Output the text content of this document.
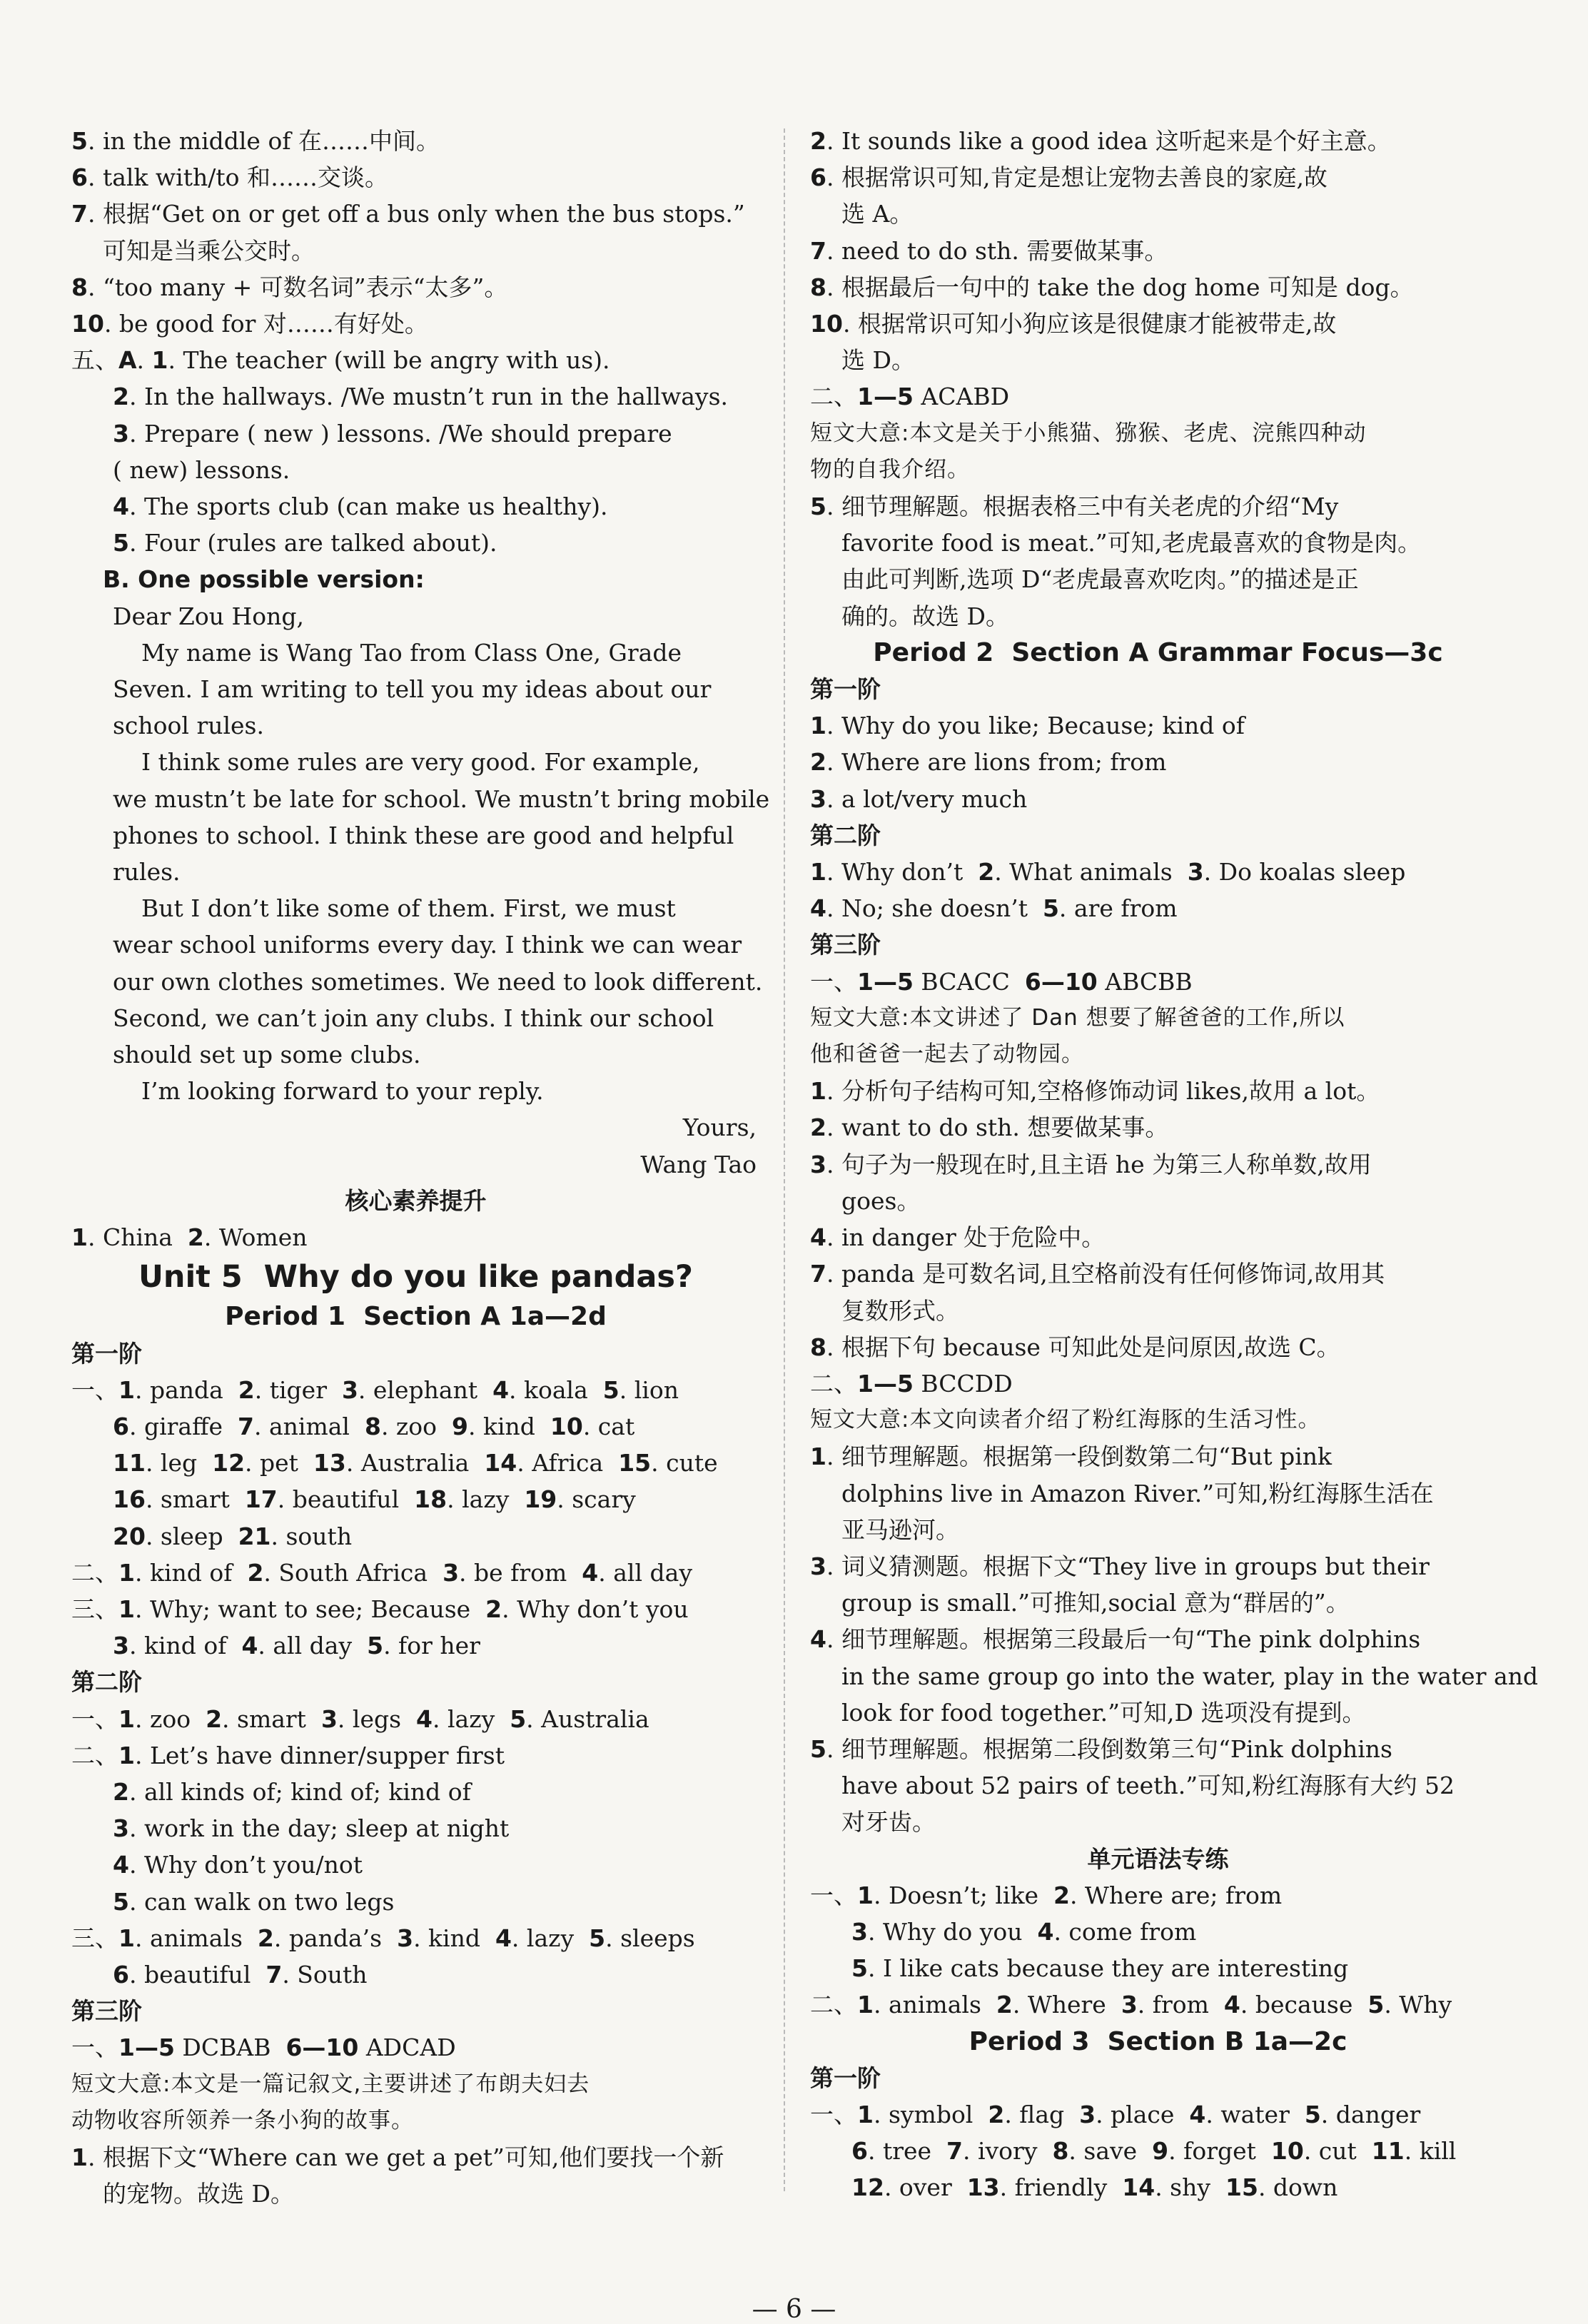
5. in the middle of 在……中间。
6. talk with/to 和……交谈。
7. 根据“Get on or get off a bus only when the bus stops.”
可知是当乘公交时。
8. “too many + 可数名词”表示“太多”。
10. be good for 对……有好处。
五、A. 1. The teacher (will be angry with us).
2. In the hallways. /We mustn’t run in the hallways.
3. Prepare ( new ) lessons. /We should prepare
( new) lessons.
4. The sports club (can make us healthy).
5. Four (rules are talked about).
B. One possible version:
Dear Zou Hong,
My name is Wang Tao from Class One, Grade
Seven. I am writing to tell you my ideas about our
school rules.
I think some rules are very good. For example,
we mustn’t be late for school. We mustn’t bring mobile
phones to school. I think these are good and helpful
rules.
But I don’t like some of them. First, we must
wear school uniforms every day. I think we can wear
our own clothes sometimes. We need to look different.
Second, we can’t join any clubs. I think our school
should set up some clubs.
I’m looking forward to your reply.
Yours,
Wang Tao
核心素养提升
1. China  2. Women
Unit 5  Why do you like pandas?
Period 1  Section A 1a—2d
第一阶
一、1. panda  2. tiger  3. elephant  4. koala  5. lion
6. giraffe  7. animal  8. zoo  9. kind  10. cat
11. leg  12. pet  13. Australia  14. Africa  15. cute
16. smart  17. beautiful  18. lazy  19. scary
20. sleep  21. south
二、1. kind of  2. South Africa  3. be from  4. all day
三、1. Why; want to see; Because  2. Why don’t you
3. kind of  4. all day  5. for her
第二阶
一、1. zoo  2. smart  3. legs  4. lazy  5. Australia
二、1. Let’s have dinner/supper first
2. all kinds of; kind of; kind of
3. work in the day; sleep at night
4. Why don’t you/not
5. can walk on two legs
三、1. animals  2. panda’s  3. kind  4. lazy  5. sleeps
6. beautiful  7. South
第三阶
一、1—5 DCBAB  6—10 ADCAD
短文大意:本文是一篇记叙文,主要讲述了布朗夫妇去
动物收容所领养一条小狗的故事。
1. 根据下文“Where can we get a pet”可知,他们要找一个新
的宠物。故选 D。
2. It sounds like a good idea 这听起来是个好主意。
6. 根据常识可知,肯定是想让宠物去善良的家庭,故
选 A。
7. need to do sth. 需要做某事。
8. 根据最后一句中的 take the dog home 可知是 dog。
10. 根据常识可知小狗应该是很健康才能被带走,故
选 D。
二、1—5 ACABD
短文大意:本文是关于小熊猫、猕猴、老虎、浣熊四种动
物的自我介绍。
5. 细节理解题。根据表格三中有关老虎的介绍“My
favorite food is meat.”可知,老虎最喜欢的食物是肉。
由此可判断,选项 D“老虎最喜欢吃肉。”的描述是正
确的。故选 D。
Period 2  Section A Grammar Focus—3c
第一阶
1. Why do you like; Because; kind of
2. Where are lions from; from
3. a lot/very much
第二阶
1. Why don’t  2. What animals  3. Do koalas sleep
4. No; she doesn’t  5. are from
第三阶
一、1—5 BCACC  6—10 ABCBB
短文大意:本文讲述了 Dan 想要了解爸爸的工作,所以
他和爸爸一起去了动物园。
1. 分析句子结构可知,空格修饰动词 likes,故用 a lot。
2. want to do sth. 想要做某事。
3. 句子为一般现在时,且主语 he 为第三人称单数,故用
goes。
4. in danger 处于危险中。
7. panda 是可数名词,且空格前没有任何修饰词,故用其
复数形式。
8. 根据下句 because 可知此处是问原因,故选 C。
二、1—5 BCCDD
短文大意:本文向读者介绍了粉红海豚的生活习性。
1. 细节理解题。根据第一段倒数第二句“But pink
dolphins live in Amazon River.”可知,粉红海豚生活在
亚马逊河。
3. 词义猜测题。根据下文“They live in groups but their
group is small.”可推知,social 意为“群居的”。
4. 细节理解题。根据第三段最后一句“The pink dolphins
in the same group go into the water, play in the water and
look for food together.”可知,D 选项没有提到。
5. 细节理解题。根据第二段倒数第三句“Pink dolphins
have about 52 pairs of teeth.”可知,粉红海豚有大约 52
对牙齿。
单元语法专练
一、1. Doesn’t; like  2. Where are; from
3. Why do you  4. come from
5. I like cats because they are interesting
二、1. animals  2. Where  3. from  4. because  5. Why
Period 3  Section B 1a—2c
第一阶
一、1. symbol  2. flag  3. place  4. water  5. danger
6. tree  7. ivory  8. save  9. forget  10. cut  11. kill
12. over  13. friendly  14. shy  15. down
— 6 —
